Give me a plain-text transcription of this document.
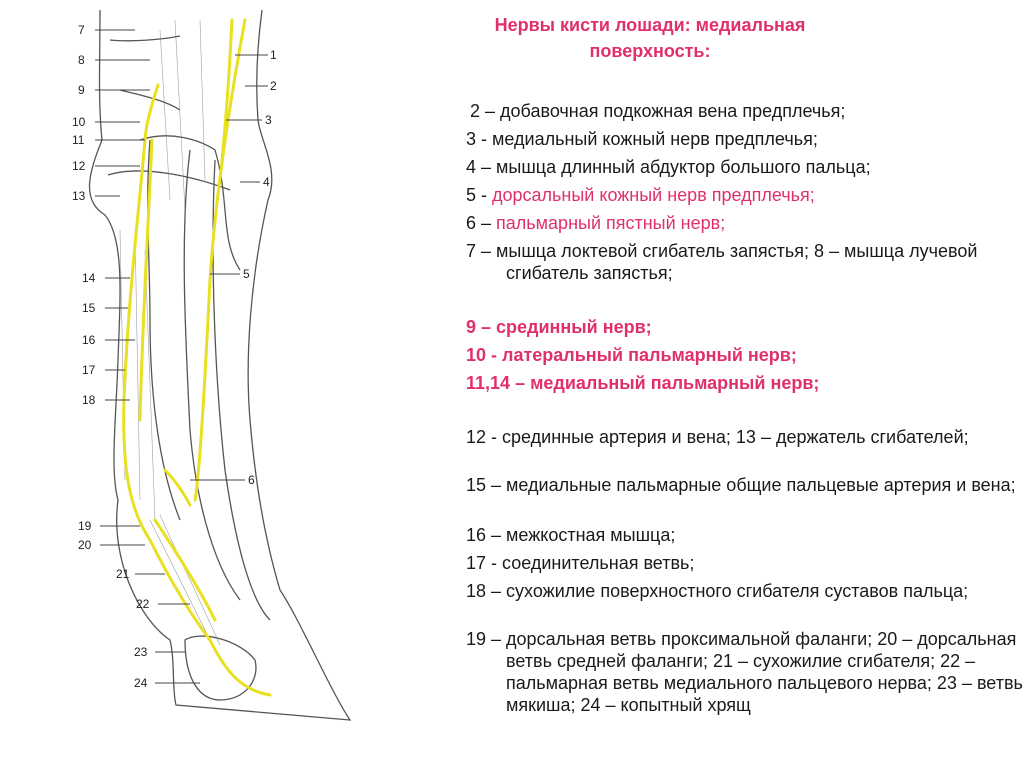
7
8
9
10
11
12
13
14
15
16
17
18
19
20
21
22
23
24
1
2
3
4
5
6
Нервы кисти лошади: медиальная
поверхность:
2 – добавочная подкожная вена предплечья;
3 - медиальный кожный нерв предплечья;
4 – мышца длинный абдуктор большого пальца;
5 - дорсальный кожный нерв предплечья;
6 – пальмарный пястный нерв;
7 – мышца локтевой сгибатель запястья; 8 – мышца лучевой сгибатель запястья;
9 – срединный нерв;
10 - латеральный пальмарный нерв;
11,14 – медиальный пальмарный нерв;
12 - срединные артерия и вена; 13 – держатель сгибателей;
15 – медиальные пальмарные общие пальцевые артерия и вена;
16 – межкостная мышца;
17 - соединительная ветвь;
18 – сухожилие поверхностного сгибателя суставов пальца;
19 – дорсальная ветвь проксимальной фаланги; 20 – дорсальная ветвь средней фаланги; 21 – сухожилие сгибателя; 22 – пальмарная ветвь медиального пальцевого нерва; 23 – ветвь мякиша; 24 – копытный хрящ
